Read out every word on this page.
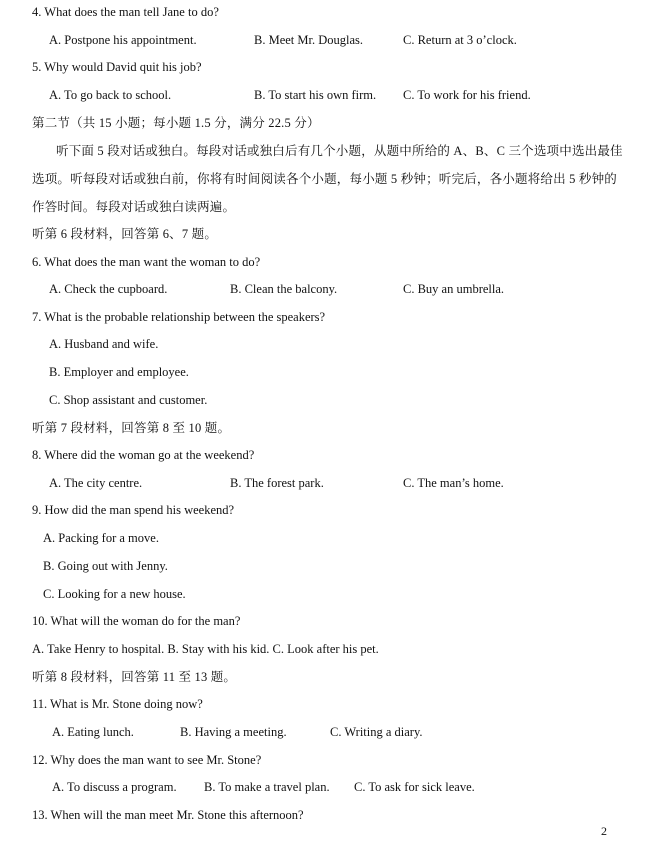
4. What does the man tell Jane to do?
A. Postpone his appointment.	B. Meet Mr. Douglas.	C. Return at 3 o’clock.
5. Why would David quit his job?
A. To go back to school.	B. To start his own firm. C. To work for his friend.
第二节（共 15 小题；每小题 1.5 分，满分 22.5 分）
听下面 5 段对话或独白。每段对话或独白后有几个小题，从题中所给的 A、B、C 三个选项中选出最佳
选项。听每段对话或独白前，你将有时间阅读各个小题，每小题 5 秒钟；听完后，各小题将给出 5 秒钟的
作答时间。每段对话或独白读两遍。
听第 6 段材料，回答第 6、7 题。
6. What does the man want the woman to do?
A. Check the cupboard.	B. Clean the balcony.	C. Buy an umbrella.
7. What is the probable relationship between the speakers?
A. Husband and wife.
B. Employer and employee.
C. Shop assistant and customer.
听第 7 段材料，回答第 8 至 10 题。
8. Where did the woman go at the weekend?
A. The city centre.	B. The forest park.	C. The man’s home.
9. How did the man spend his weekend?
A. Packing for a move.
B. Going out with Jenny.
C. Looking for a new house.
10. What will the woman do for the man?
A. Take Henry to hospital. B. Stay with his kid. C. Look after his pet.
听第 8 段材料，回答第 11 至 13 题。
11. What is Mr. Stone doing now?
A. Eating lunch.	B. Having a meeting.	C. Writing a diary.
12. Why does the man want to see Mr. Stone?
A. To discuss a program. B. To make a travel plan. C. To ask for sick leave.
13. When will the man meet Mr. Stone this afternoon?
2
